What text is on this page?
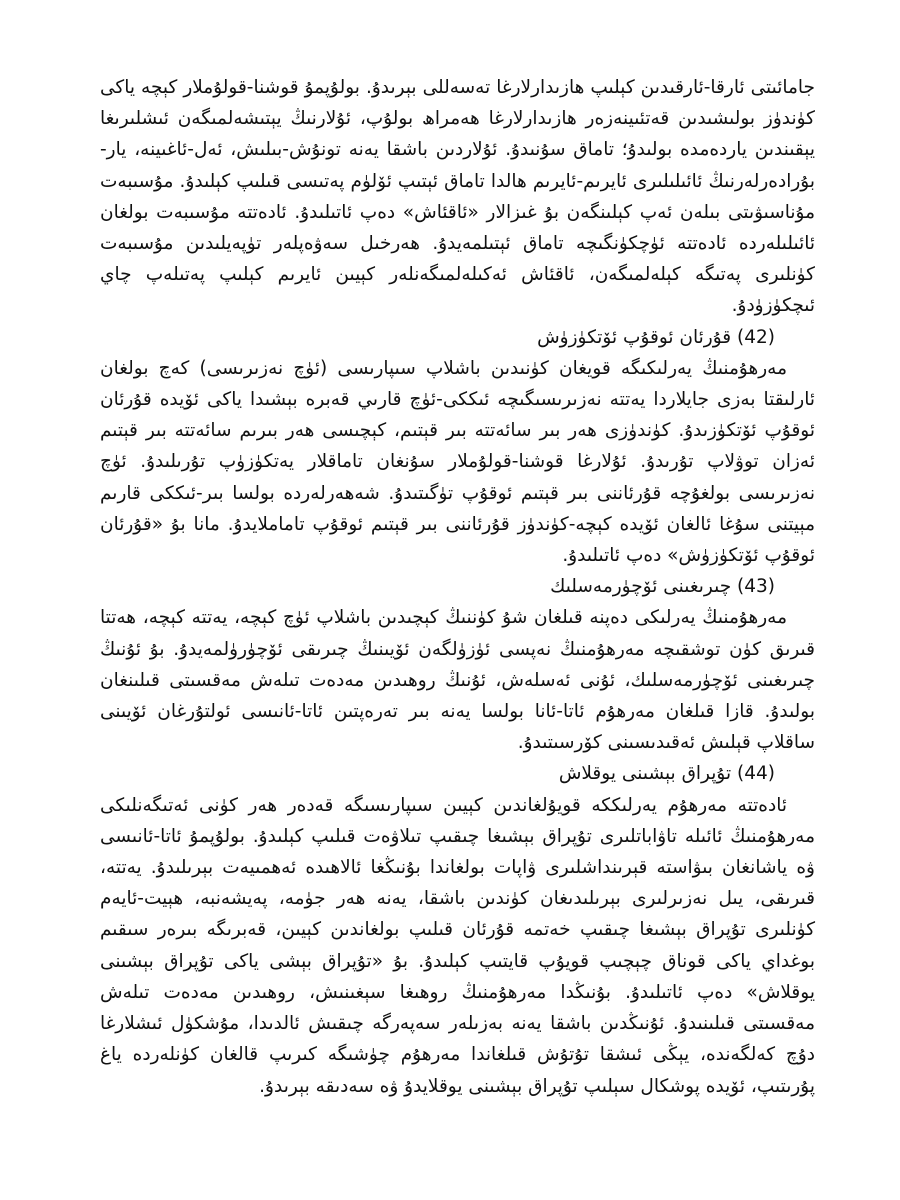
جامائىتى ئارقا-ئارقىدىن كېلىپ ھازىدارلارغا تەسەللى بېرىدۇ. بولۇپمۇ قوشنا-قولۇملار كېچە ياكى كۈندۈز بولىشىدىن قەتئىينەزەر ھازىدارلارغا ھەمراھ بولۇپ، ئۇلارنىڭ يېتىشەلمىگەن ئىشلىرىغا يېقىندىن ياردەمدە بولىدۇ؛ تاماق سۇنىدۇ. ئۇلاردىن باشقا يەنە تونۇش-بىلىش، ئەل-ئاغىينە، يار-بۇرادەرلەرنىڭ ئائىلىلىرى ئايرىم-ئايرىم ھالدا تاماق ئېتىپ ئۆلۈم پەتىسى قىلىپ كېلىدۇ. مۇسىبەت مۇناسىۋىتى بىلەن ئەپ كېلىنگەن بۇ غىزالار «ئاقئاش» دەپ ئاتىلىدۇ. ئادەتتە مۇسىبەت بولغان ئائىلىلەردە ئادەتتە ئۈچكۈنگىچە تاماق ئېتىلمەيدۇ. ھەرخىل سەۋەپلەر تۈپەيلىدىن مۇسىبەت كۈنلىرى پەتىگە كېلەلمىگەن، ئاقئاش ئەكىلەلمىگەنلەر كېيىن ئايرىم كېلىپ پەتىلەپ چاي ئىچكۈزۈدۇ.

(42) قۇرئان ئوقۇپ ئۆتكۈزۈش

مەرھۇمنىڭ يەرلىكىگە قويغان كۈنىدىن باشلاپ سىپارىسى (ئۈچ نەزىرىسى) كەچ بولغان ئارلىقتا بەزى جايلاردا يەتتە نەزىرىسىگىچە ئىككى-ئۈچ قارىي قەبرە بېشىدا ياكى ئۆيدە قۇرئان ئوقۇپ ئۆتكۈزىدۇ. كۈندۈزى ھەر بىر سائەتتە بىر قېتىم، كېچىسى ھەر بىرىم سائەتتە بىر قېتىم ئەزان توۋلاپ تۇرىدۇ. ئۇلارغا قوشنا-قولۇملار سۇنغان تاماقلار يەتكۈزۈپ تۇرىلىدۇ. ئۈچ نەزىرىسى بولغۇچە قۇرئاننى بىر قېتىم ئوقۇپ تۈگىتىدۇ. شەھەرلەردە بولسا بىر-ئىككى قارىم مېيتنى سۇغا ئالغان ئۆيدە كېچە-كۈندۈز قۇرئاننى بىر قېتىم ئوقۇپ تاماملايدۇ. مانا بۇ «قۇرئان ئوقۇپ ئۆتكۈزۈش» دەپ ئاتىلىدۇ.

(43) چىرىغىنى ئۆچۈرمەسلىك

مەرھۇمنىڭ يەرلىكى دەپنە قىلغان شۇ كۈننىڭ كېچىدىن باشلاپ ئۈچ كېچە، يەتتە كېچە، ھەتتا قىرىق كۈن توشقىچە مەرھۇمنىڭ نەپسى ئۈزۈلگەن ئۆيىنىڭ چىرىقى ئۆچۈرۈلمەيدۇ. بۇ ئۇنىڭ چىرىغىنى ئۆچۈرمەسلىك، ئۇنى ئەسلەش، ئۇنىڭ روھىدىن مەدەت تىلەش مەقسىتى قىلىنغان بولىدۇ. قازا قىلغان مەرھۇم ئاتا-ئانا بولسا يەنە بىر تەرەپتىن ئاتا-ئانىسى ئولتۇرغان ئۆيىنى ساقلاپ قېلىش ئەقىدىسىنى كۆرسىتىدۇ.

(44) تۇپراق بېشىنى يوقلاش

ئادەتتە مەرھۇم يەرلىككە قويۇلغاندىن كېيىن سىپارىسىگە قەدەر ھەر كۈنى ئەتىگەنلىكى مەرھۇمنىڭ ئائىلە تاۋاباتلىرى تۇپراق بېشىغا چىقىپ تىلاۋەت قىلىپ كېلىدۇ. بولۇپمۇ ئاتا-ئانىسى ۋە ياشانغان بىۋاستە قېرىنداشلىرى ۋاپات بولغاندا بۇنىڭغا ئالاھىدە ئەھمىيەت بېرىلىدۇ. يەتتە، قىرىقى، يىل نەزىرلىرى بېرىلىدىغان كۈندىن باشقا، يەنە ھەر جۈمە، پەيشەنبە، ھېيت-ئايەم كۈنلىرى تۇپراق بېشىغا چىقىپ خەتمە قۇرئان قىلىپ بولغاندىن كېيىن، قەبرىگە بىرەر سىقىم بوغداي ياكى قوناق چېچىپ قويۇپ قايتىپ كېلىدۇ. بۇ «تۇپراق بېشى ياكى تۇپراق بېشىنى يوقلاش» دەپ ئاتىلىدۇ. بۇنىڭدا مەرھۇمنىڭ روھىغا سېغىنىش، روھىدىن مەدەت تىلەش مەقسىتى قىلىنىدۇ. ئۇنىڭدىن باشقا يەنە بەزىلەر سەپەرگە چىقىش ئالدىدا، مۇشكۈل ئىشلارغا دۇچ كەلگەندە، يېڭى ئىشقا تۇتۇش قىلغاندا مەرھۇم چۈشىگە كىرىپ قالغان كۈنلەردە ياغ پۇرىتىپ، ئۆيدە پوشكال سېلىپ تۇپراق بېشىنى يوقلايدۇ ۋە سەدىقە بېرىدۇ.
